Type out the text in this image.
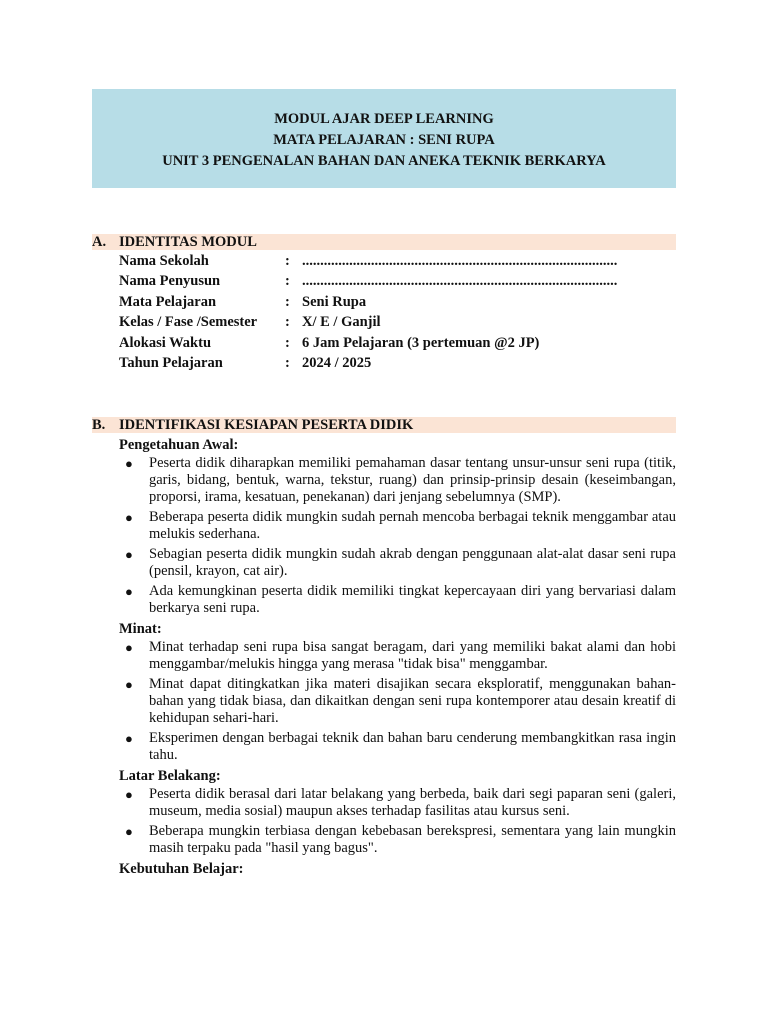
MODUL AJAR DEEP LEARNING
MATA PELAJARAN : SENI RUPA
UNIT 3 PENGENALAN BAHAN DAN ANEKA TEKNIK BERKARYA
A. IDENTITAS MODUL
Nama Sekolah	: .......................................................................................
Nama Penyusun	: .......................................................................................
Mata Pelajaran	: Seni Rupa
Kelas / Fase /Semester : X/ E / Ganjil
Alokasi Waktu	: 6 Jam Pelajaran (3 pertemuan @2 JP)
Tahun Pelajaran	: 2024 / 2025
B. IDENTIFIKASI KESIAPAN PESERTA DIDIK

Pengetahuan Awal:

● Peserta didik diharapkan memiliki pemahaman dasar tentang unsur-unsur seni rupa (titik, garis, bidang, bentuk, warna, tekstur, ruang) dan prinsip-prinsip desain (keseimbangan, proporsi, irama, kesatuan, penekanan) dari jenjang sebelumnya (SMP).
● Beberapa peserta didik mungkin sudah pernah mencoba berbagai teknik menggambar atau melukis sederhana.
● Sebagian peserta didik mungkin sudah akrab dengan penggunaan alat-alat dasar seni rupa (pensil, krayon, cat air).
● Ada kemungkinan peserta didik memiliki tingkat kepercayaan diri yang bervariasi dalam berkarya seni rupa.

Minat:

● Minat terhadap seni rupa bisa sangat beragam, dari yang memiliki bakat alami dan hobi menggambar/melukis hingga yang merasa "tidak bisa" menggambar.
● Minat dapat ditingkatkan jika materi disajikan secara eksploratif, menggunakan bahan-bahan yang tidak biasa, dan dikaitkan dengan seni rupa kontemporer atau desain kreatif di kehidupan sehari-hari.
● Eksperimen dengan berbagai teknik dan bahan baru cenderung membangkitkan rasa ingin tahu.

Latar Belakang:

● Peserta didik berasal dari latar belakang yang berbeda, baik dari segi paparan seni (galeri, museum, media sosial) maupun akses terhadap fasilitas atau kursus seni.
● Beberapa mungkin terbiasa dengan kebebasan berekspresi, sementara yang lain mungkin masih terpaku pada "hasil yang bagus".

Kebutuhan Belajar:
